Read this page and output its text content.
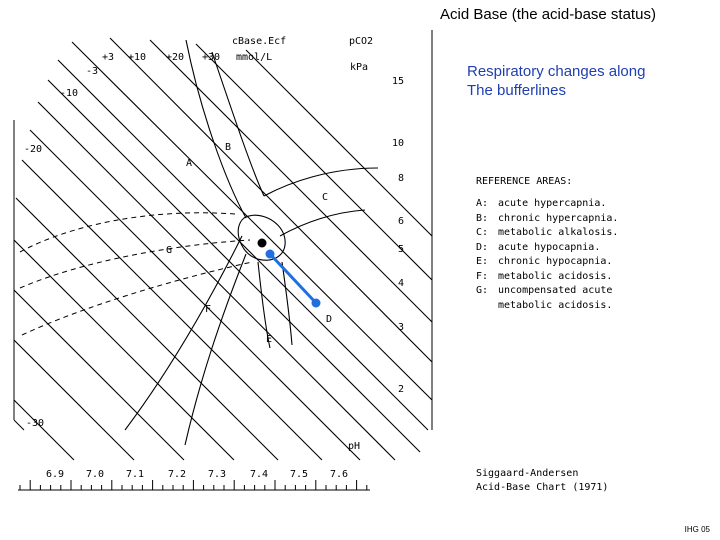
Acid Base (the acid-base status)
Respiratory changes along
The bufferlines
cBase.Ecf
mmol/L
pCO2
kPa
pH
+3 +10 +20 +30
-3
-10
-20
-30
15
10
8
6
5
4
3
2
6.9 7.0 7.1 7.2 7.3 7.4 7.5 7.6
A
B
C
G
F
D
E
REFERENCE AREAS:
A: acute hypercapnia.
B: chronic hypercapnia.
C: metabolic alkalosis.
D: acute hypocapnia.
E: chronic hypocapnia.
F: metabolic acidosis.
G: uncompensated acute
metabolic acidosis.
Siggaard-Andersen
Acid-Base Chart (1971)
IHG 05
